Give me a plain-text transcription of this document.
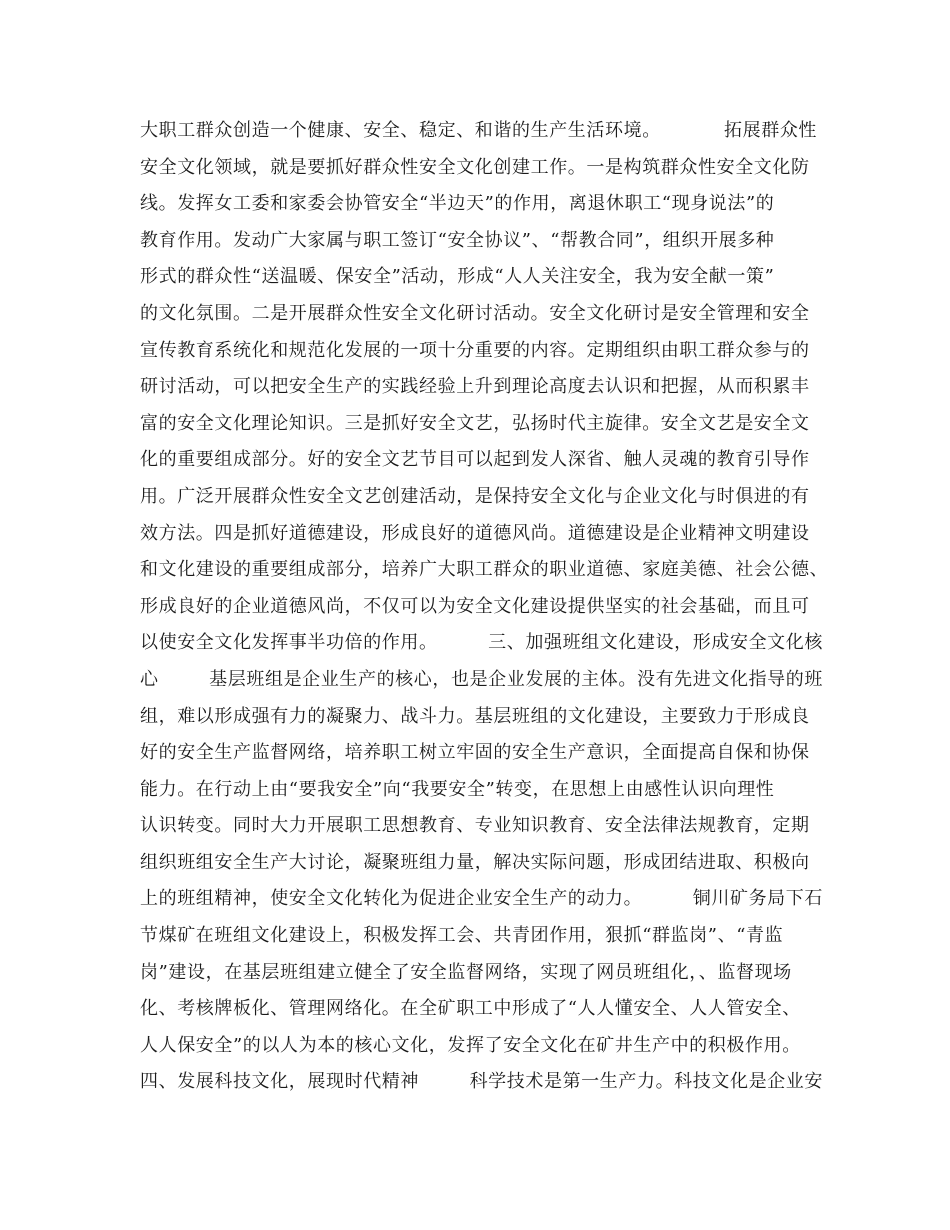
大职工群众创造一个健康、安全、稳定、和谐的生产生活环境。          拓展群众性
安全文化领域，就是要抓好群众性安全文化创建工作。一是构筑群众性安全文化防
线。发挥女工委和家委会协管安全“半边天”的作用，离退休职工“现身说法”的
教育作用。发动广大家属与职工签订“安全协议”、“帮教合同”，组织开展多种
形式的群众性“送温暖、保安全”活动，形成“人人关注安全，我为安全献一策”
的文化氛围。二是开展群众性安全文化研讨活动。安全文化研讨是安全管理和安全
宣传教育系统化和规范化发展的一项十分重要的内容。定期组织由职工群众参与的
研讨活动，可以把安全生产的实践经验上升到理论高度去认识和把握，从而积累丰
富的安全文化理论知识。三是抓好安全文艺，弘扬时代主旋律。安全文艺是安全文
化的重要组成部分。好的安全文艺节目可以起到发人深省、触人灵魂的教育引导作
用。广泛开展群众性安全文艺创建活动，是保持安全文化与企业文化与时俱进的有
效方法。四是抓好道德建设，形成良好的道德风尚。道德建设是企业精神文明建设
和文化建设的重要组成部分，培养广大职工群众的职业道德、家庭美德、社会公德、
形成良好的企业道德风尚，不仅可以为安全文化建设提供坚实的社会基础，而且可
以使安全文化发挥事半功倍的作用。        三、加强班组文化建设，形成安全文化核
心        基层班组是企业生产的核心，也是企业发展的主体。没有先进文化指导的班
组，难以形成强有力的凝聚力、战斗力。基层班组的文化建设，主要致力于形成良
好的安全生产监督网络，培养职工树立牢固的安全生产意识，全面提高自保和协保
能力。在行动上由“要我安全”向“我要安全”转变，在思想上由感性认识向理性
认识转变。同时大力开展职工思想教育、专业知识教育、安全法律法规教育，定期
组织班组安全生产大讨论，凝聚班组力量，解决实际问题，形成团结进取、积极向
上的班组精神，使安全文化转化为促进企业安全生产的动力。        铜川矿务局下石
节煤矿在班组文化建设上，积极发挥工会、共青团作用，狠抓“群监岗”、“青监
岗”建设，在基层班组建立健全了安全监督网络，实现了网员班组化，、监督现场
化、考核牌板化、管理网络化。在全矿职工中形成了“人人懂安全、人人管安全、
人人保安全”的以人为本的核心文化，发挥了安全文化在矿井生产中的积极作用。
四、发展科技文化，展现时代精神        科学技术是第一生产力。科技文化是企业安
